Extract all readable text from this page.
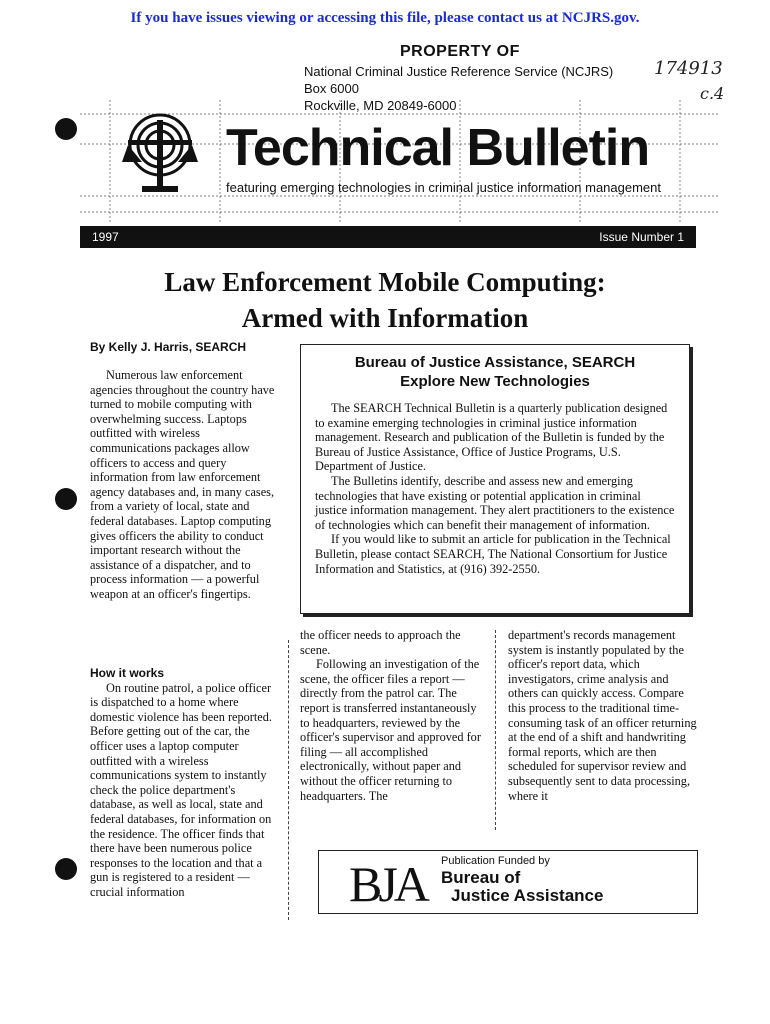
If you have issues viewing or accessing this file, please contact us at NCJRS.gov.
PROPERTY OF
National Criminal Justice Reference Service (NCJRS)
Box 6000
Rockville, MD 20849-6000
174913
c.4
Technical Bulletin
featuring emerging technologies in criminal justice information management
1997	Issue Number 1
Law Enforcement Mobile Computing:
Armed with Information
By Kelly J. Harris, SEARCH

Numerous law enforcement agencies throughout the country have turned to mobile computing with overwhelming success. Laptops outfitted with wireless communications packages allow officers to access and query information from law enforcement agency databases and, in many cases, from a variety of local, state and federal databases. Laptop computing gives officers the ability to conduct important research without the assistance of a dispatcher, and to process information — a powerful weapon at an officer's fingertips.

How it works

On routine patrol, a police officer is dispatched to a home where domestic violence has been reported. Before getting out of the car, the officer uses a laptop computer outfitted with a wireless communications system to instantly check the police department's database, as well as local, state and federal databases, for information on the residence. The officer finds that there have been numerous police responses to the location and that a gun is registered to a resident — crucial information

Bureau of Justice Assistance, SEARCH
Explore New Technologies

The SEARCH Technical Bulletin is a quarterly publication designed to examine emerging technologies in criminal justice information management. Research and publication of the Bulletin is funded by the Bureau of Justice Assistance, Office of Justice Programs, U.S. Department of Justice.

The Bulletins identify, describe and assess new and emerging technologies that have existing or potential application in criminal justice information management. They alert practitioners to the existence of technologies which can benefit their management of information.

If you would like to submit an article for publication in the Technical Bulletin, please contact SEARCH, The National Consortium for Justice Information and Statistics, at (916) 392-2550.

the officer needs to approach the scene.

Following an investigation of the scene, the officer files a report — directly from the patrol car. The report is transferred instantaneously to headquarters, reviewed by the officer's supervisor and approved for filing — all accomplished electronically, without paper and without the officer returning to headquarters. The

department's records management system is instantly populated by the officer's report data, which investigators, crime analysis and others can quickly access. Compare this process to the traditional time-consuming task of an officer returning at the end of a shift and handwriting formal reports, which are then scheduled for supervisor review and subsequently sent to data processing, where it

BJA Publication Funded by
Bureau of
Justice Assistance
